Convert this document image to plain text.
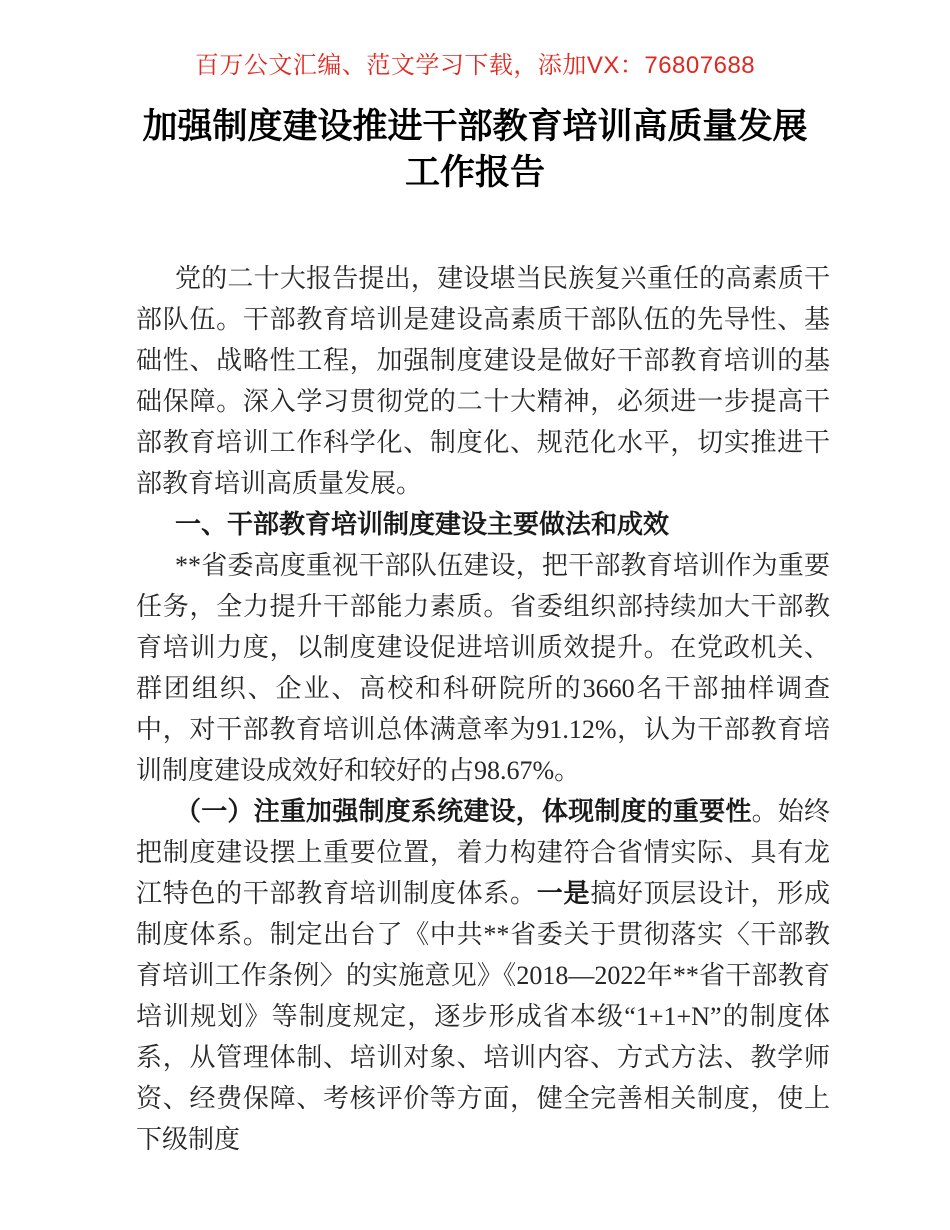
百万公文汇编、范文学习下载，添加VX：76807688
加强制度建设推进干部教育培训高质量发展
工作报告

党的二十大报告提出，建设堪当民族复兴重任的高素质干部队伍。干部教育培训是建设高素质干部队伍的先导性、基础性、战略性工程，加强制度建设是做好干部教育培训的基础保障。深入学习贯彻党的二十大精神，必须进一步提高干部教育培训工作科学化、制度化、规范化水平，切实推进干部教育培训高质量发展。

一、干部教育培训制度建设主要做法和成效

**省委高度重视干部队伍建设，把干部教育培训作为重要任务，全力提升干部能力素质。省委组织部持续加大干部教育培训力度，以制度建设促进培训质效提升。在党政机关、群团组织、企业、高校和科研院所的3660名干部抽样调查中，对干部教育培训总体满意率为91.12%，认为干部教育培训制度建设成效好和较好的占98.67%。

（一）注重加强制度系统建设，体现制度的重要性。始终把制度建设摆上重要位置，着力构建符合省情实际、具有龙江特色的干部教育培训制度体系。一是搞好顶层设计，形成制度体系。制定出台了《中共**省委关于贯彻落实〈干部教育培训工作条例〉的实施意见》《2018—2022年**省干部教育培训规划》等制度规定，逐步形成省本级“1+1+N”的制度体系，从管理体制、培训对象、培训内容、方式方法、教学师资、经费保障、考核评价等方面，健全完善相关制度，使上下级制度
